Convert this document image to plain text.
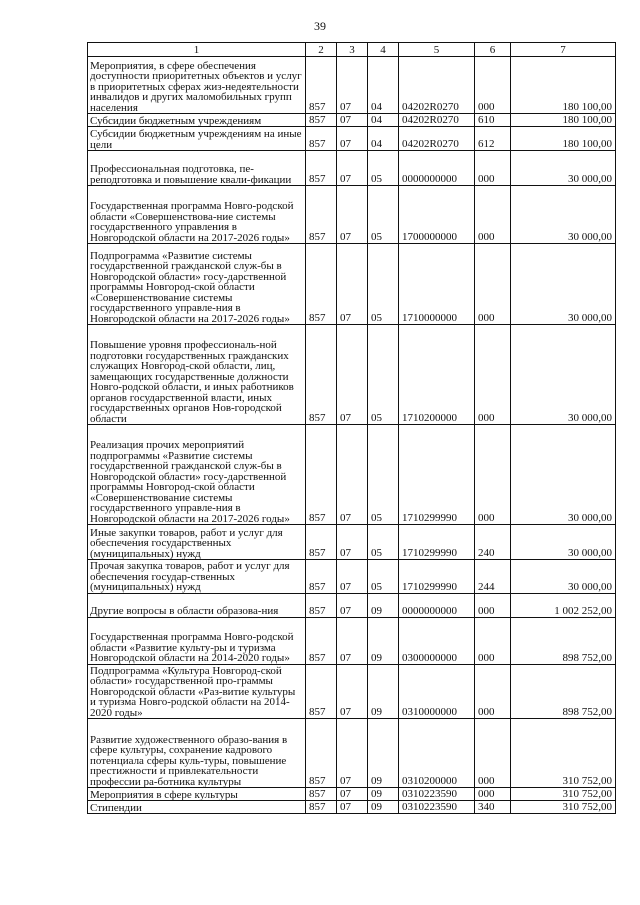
39
1	2	3	4	5	6	7
Мероприятия, в сфере обеспечения доступности приоритетных объектов и услуг в приоритетных сферах жиз-недеятельности инвалидов и других маломобильных групп населения	857	07	04	04202R0270	000	180 100,00
Субсидии бюджетным учреждениям	857	07	04	04202R0270	610	180 100,00
Субсидии бюджетным учреждениям на иные цели	857	07	04	04202R0270	612	180 100,00
Профессиональная подготовка, пе-реподготовка и повышение квали-фикации	857	07	05	0000000000	000	30 000,00
Государственная программа Новго-родской области «Совершенствова-ние системы государственного управления в Новгородской области на 2017-2026 годы»	857	07	05	1700000000	000	30 000,00
Подпрограмма «Развитие системы государственной гражданской служ-бы в Новгородской области» госу-дарственной программы Новгород-ской области «Совершенствование системы государственного управле-ния в Новгородской области на 2017-2026 годы»	857	07	05	1710000000	000	30 000,00
Повышение уровня профессиональ-ной подготовки государственных гражданских служащих Новгород-ской области, лиц, замещающих государственные должности Новго-родской области, и иных работников органов государственной власти, иных государственных органов Нов-городской области	857	07	05	1710200000	000	30 000,00
Реализация прочих мероприятий подпрограммы «Развитие системы государственной гражданской служ-бы в Новгородской области» госу-дарственной программы Новгород-ской области «Совершенствование системы государственного управле-ния в Новгородской области на 2017-2026 годы»	857	07	05	1710299990	000	30 000,00
Иные закупки товаров, работ и услуг для обеспечения государственных (муниципальных) нужд	857	07	05	1710299990	240	30 000,00
Прочая закупка товаров, работ и услуг для обеспечения государ-ственных (муниципальных) нужд	857	07	05	1710299990	244	30 000,00
Другие вопросы в области образова-ния	857	07	09	0000000000	000	1 002 252,00
Государственная программа Новго-родской области «Развитие культу-ры и туризма Новгородской области на 2014-2020 годы»	857	07	09	0300000000	000	898 752,00
Подпрограмма «Культура Новгород-ской области» государственной про-граммы Новгородской области «Раз-витие культуры и туризма Новго-родской области на 2014-2020 годы»	857	07	09	0310000000	000	898 752,00
Развитие художественного образо-вания в сфере культуры, сохранение кадрового потенциала сферы куль-туры, повышение престижности и привлекательности профессии ра-ботника культуры	857	07	09	0310200000	000	310 752,00
Мероприятия в сфере культуры	857	07	09	0310223590	000	310 752,00
Стипендии	857	07	09	0310223590	340	310 752,00
